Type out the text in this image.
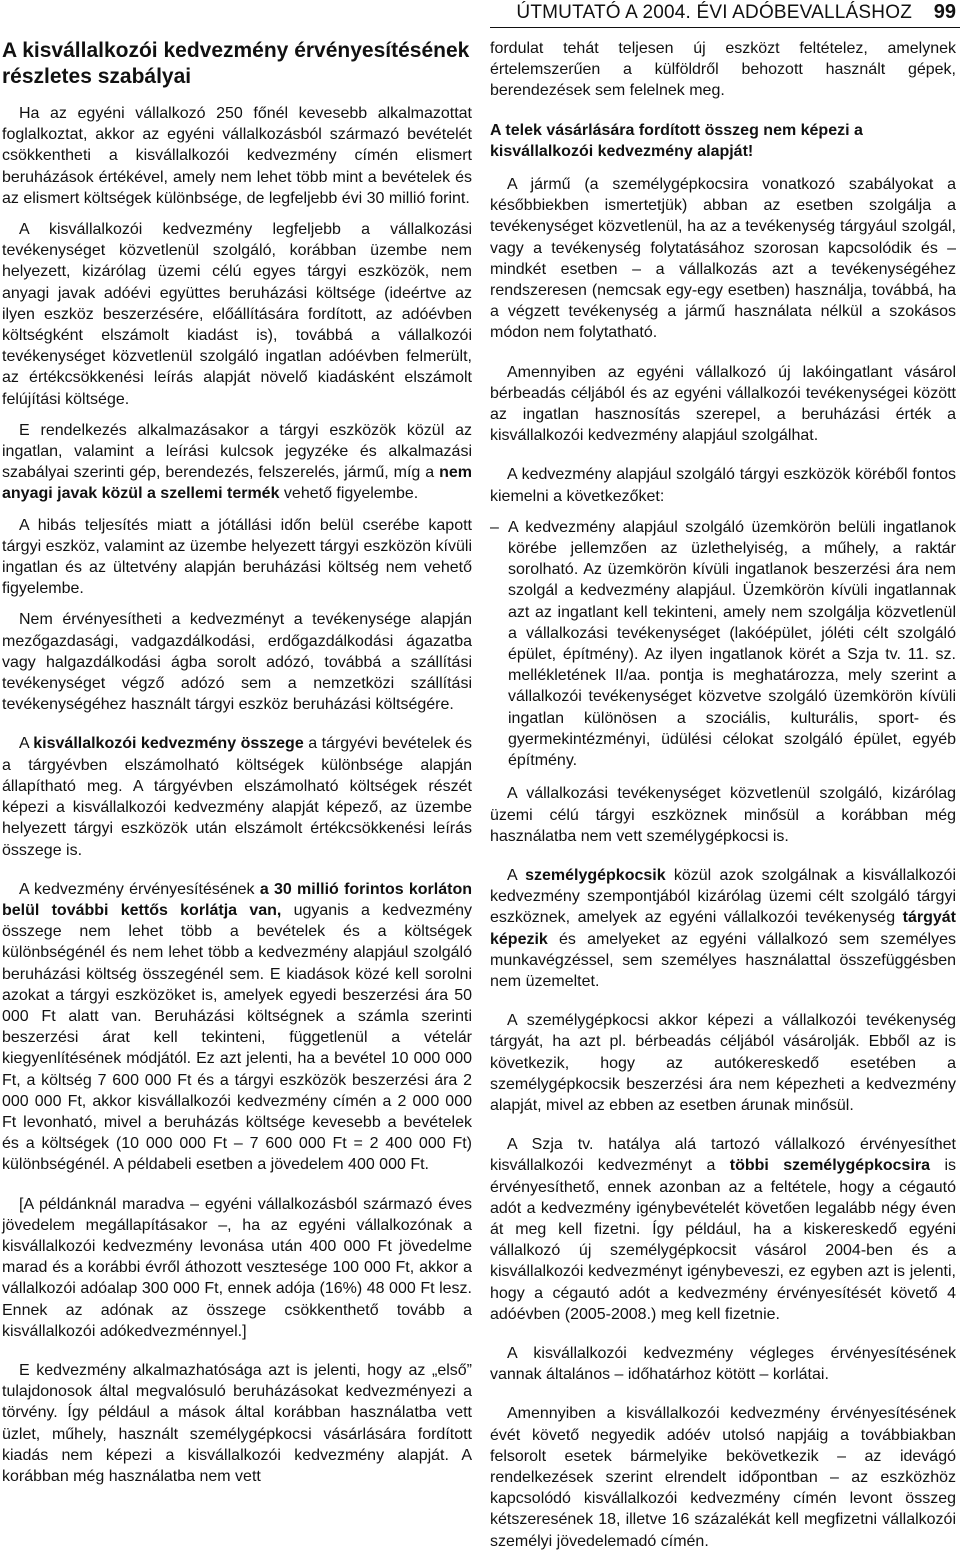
ÚTMUTATÓ A 2004. ÉVI ADÓBEVALLÁSHOZ 99
A kisvállalkozói kedvezmény érvényesítésének részletes szabályai

Ha az egyéni vállalkozó 250 főnél kevesebb alkalmazottat foglalkoztat, akkor az egyéni vállalkozásból származó bevételét csökkentheti a kisvállalkozói kedvezmény címén elismert beruházások értékével, amely nem lehet több mint a bevételek és az elismert költségek különbsége, de legfeljebb évi 30 millió forint.

A kisvállalkozói kedvezmény legfeljebb a vállalkozási tevékenységet közvetlenül szolgáló, korábban üzembe nem helyezett, kizárólag üzemi célú egyes tárgyi eszközök, nem anyagi javak adóévi együttes beruházási költsége (ideértve az ilyen eszköz beszerzésére, előállítására fordított, az adóévben költségként elszámolt kiadást is), továbbá a vállalkozói tevékenységet közvetlenül szolgáló ingatlan adóévben felmerült, az értékcsökkenési leírás alapját növelő kiadásként elszámolt felújítási költsége.

E rendelkezés alkalmazásakor a tárgyi eszközök közül az ingatlan, valamint a leírási kulcsok jegyzéke és alkalmazási szabályai szerinti gép, berendezés, felszerelés, jármű, míg a nem anyagi javak közül a szellemi termék vehető figyelembe.

A hibás teljesítés miatt a jótállási időn belül cserébe kapott tárgyi eszköz, valamint az üzembe helyezett tárgyi eszközön kívüli ingatlan és az ültetvény alapján beruházási költség nem vehető figyelembe.

Nem érvényesítheti a kedvezményt a tevékenysége alapján mezőgazdasági, vadgazdálkodási, erdőgazdálkodási ágazatba vagy halgazdálkodási ágba sorolt adózó, továbbá a szállítási tevékenységet végző adózó sem a nemzetközi szállítási tevékenységéhez használt tárgyi eszköz beruházási költségére.

A kisvállalkozói kedvezmény összege a tárgyévi bevételek és a tárgyévben elszámolható költségek különbsége alapján állapítható meg. A tárgyévben elszámolható költségek részét képezi a kisvállalkozói kedvezmény alapját képező, az üzembe helyezett tárgyi eszközök után elszámolt értékcsökkenési leírás összege is.

A kedvezmény érvényesítésének a 30 millió forintos korláton belül további kettős korlátja van, ugyanis a kedvezmény összege nem lehet több a bevételek és a költségek különbségénél és nem lehet több a kedvezmény alapjául szolgáló beruházási költség összegénél sem. E kiadások közé kell sorolni azokat a tárgyi eszközöket is, amelyek egyedi beszerzési ára 50 000 Ft alatt van. Beruházási költségnek a számla szerinti beszerzési árat kell tekinteni, függetlenül a vételár kiegyenlítésének módjától. Ez azt jelenti, ha a bevétel 10 000 000 Ft, a költség 7 600 000 Ft és a tárgyi eszközök beszerzési ára 2 000 000 Ft, akkor kisvállalkozói kedvezmény címén a 2 000 000 Ft levonható, mivel a beruházás költsége kevesebb a bevételek és a költségek (10 000 000 Ft – 7 600 000 Ft = 2 400 000 Ft) különbségénél. A példabeli esetben a jövedelem 400 000 Ft.

[A példánknál maradva – egyéni vállalkozásból származó éves jövedelem megállapításakor –, ha az egyéni vállalkozónak a kisvállalkozói kedvezmény levonása után 400 000 Ft jövedelme marad és a korábbi évről áthozott vesztesége 100 000 Ft, akkor a vállalkozói adóalap 300 000 Ft, ennek adója (16%) 48 000 Ft lesz. Ennek az adónak az összege csökkenthető tovább a kisvállalkozói adókedvezménnyel.]

E kedvezmény alkalmazhatósága azt is jelenti, hogy az „első” tulajdonosok által megvalósuló beruházásokat kedvezményezi a törvény. Így például a mások által korábban használatba vett üzlet, műhely, használt személygépkocsi vásárlására fordított kiadás nem képezi a kisvállalkozói kedvezmény alapját. A korábban még használatba nem vett

fordulat tehát teljesen új eszközt feltételez, amelynek értelemszerűen a külföldről behozott használt gépek, berendezések sem felelnek meg.

A telek vásárlására fordított összeg nem képezi a kisvállalkozói kedvezmény alapját!

A jármű (a személygépkocsira vonatkozó szabályokat a későbbiekben ismertetjük) abban az esetben szolgálja a tevékenységet közvetlenül, ha az a tevékenység tárgyául szolgál, vagy a tevékenység folytatásához szorosan kapcsolódik és – mindkét esetben – a vállalkozás azt a tevékenységéhez rendszeresen (nemcsak egy-egy esetben) használja, továbbá, ha a végzett tevékenység a jármű használata nélkül a szokásos módon nem folytatható.

Amennyiben az egyéni vállalkozó új lakóingatlant vásárol bérbeadás céljából és az egyéni vállalkozói tevékenységei között az ingatlan hasznosítás szerepel, a beruházási érték a kisvállalkozói kedvezmény alapjául szolgálhat.

A kedvezmény alapjául szolgáló tárgyi eszközök köréből fontos kiemelni a következőket:

– A kedvezmény alapjául szolgáló üzemkörön belüli ingatlanok körébe jellemzően az üzlethelyiség, a műhely, a raktár sorolható. Az üzemkörön kívüli ingatlanok beszerzési ára nem szolgál a kedvezmény alapjául. Üzemkörön kívüli ingatlannak azt az ingatlant kell tekinteni, amely nem szolgálja közvetlenül a vállalkozási tevékenységet (lakóépület, jóléti célt szolgáló épület, építmény). Az ilyen ingatlanok körét a Szja tv. 11. sz. mellékletének II/aa. pontja is meghatározza, mely szerint a vállalkozói tevékenységet közvetve szolgáló üzemkörön kívüli ingatlan különösen a szociális, kulturális, sport- és gyermekintézményi, üdülési célokat szolgáló épület, egyéb építmény.

A vállalkozási tevékenységet közvetlenül szolgáló, kizárólag üzemi célú tárgyi eszköznek minősül a korábban még használatba nem vett személygépkocsi is.

A személygépkocsik közül azok szolgálnak a kisvállalkozói kedvezmény szempontjából kizárólag üzemi célt szolgáló tárgyi eszköznek, amelyek az egyéni vállalkozói tevékenység tárgyát képezik és amelyeket az egyéni vállalkozó sem személyes munkavégzéssel, sem személyes használattal összefüggésben nem üzemeltet.

A személygépkocsi akkor képezi a vállalkozói tevékenység tárgyát, ha azt pl. bérbeadás céljából vásárolják. Ebből az is következik, hogy az autókereskedő esetében a személygépkocsik beszerzési ára nem képezheti a kedvezmény alapját, mivel az ebben az esetben árunak minősül.

A Szja tv. hatálya alá tartozó vállalkozó érvényesíthet kisvállalkozói kedvezményt a többi személygépkocsira is érvényesíthető, ennek azonban az a feltétele, hogy a cégautó adót a kedvezmény igénybevételét követően legalább négy éven át meg kell fizetni. Így például, ha a kiskereskedő egyéni vállalkozó új személygépkocsit vásárol 2004-ben és a kisvállalkozói kedvezményt igénybeveszi, ez egyben azt is jelenti, hogy a cégautó adót a kedvezmény érvényesítését követő 4 adóévben (2005-2008.) meg kell fizetnie.

A kisvállalkozói kedvezmény végleges érvényesítésének vannak általános – időhatárhoz kötött – korlátai.

Amennyiben a kisvállalkozói kedvezmény érvényesítésének évét követő negyedik adóév utolsó napjáig a továbbiakban felsorolt esetek bármelyike bekövetkezik – az idevágó rendelkezések szerint elrendelt időpontban – az eszközhöz kapcsolódó kisvállalkozói kedvezmény címén levont összeg kétszeresének 18, illetve 16 százalékát kell megfizetni vállalkozói személyi jövedelemadó címén.
